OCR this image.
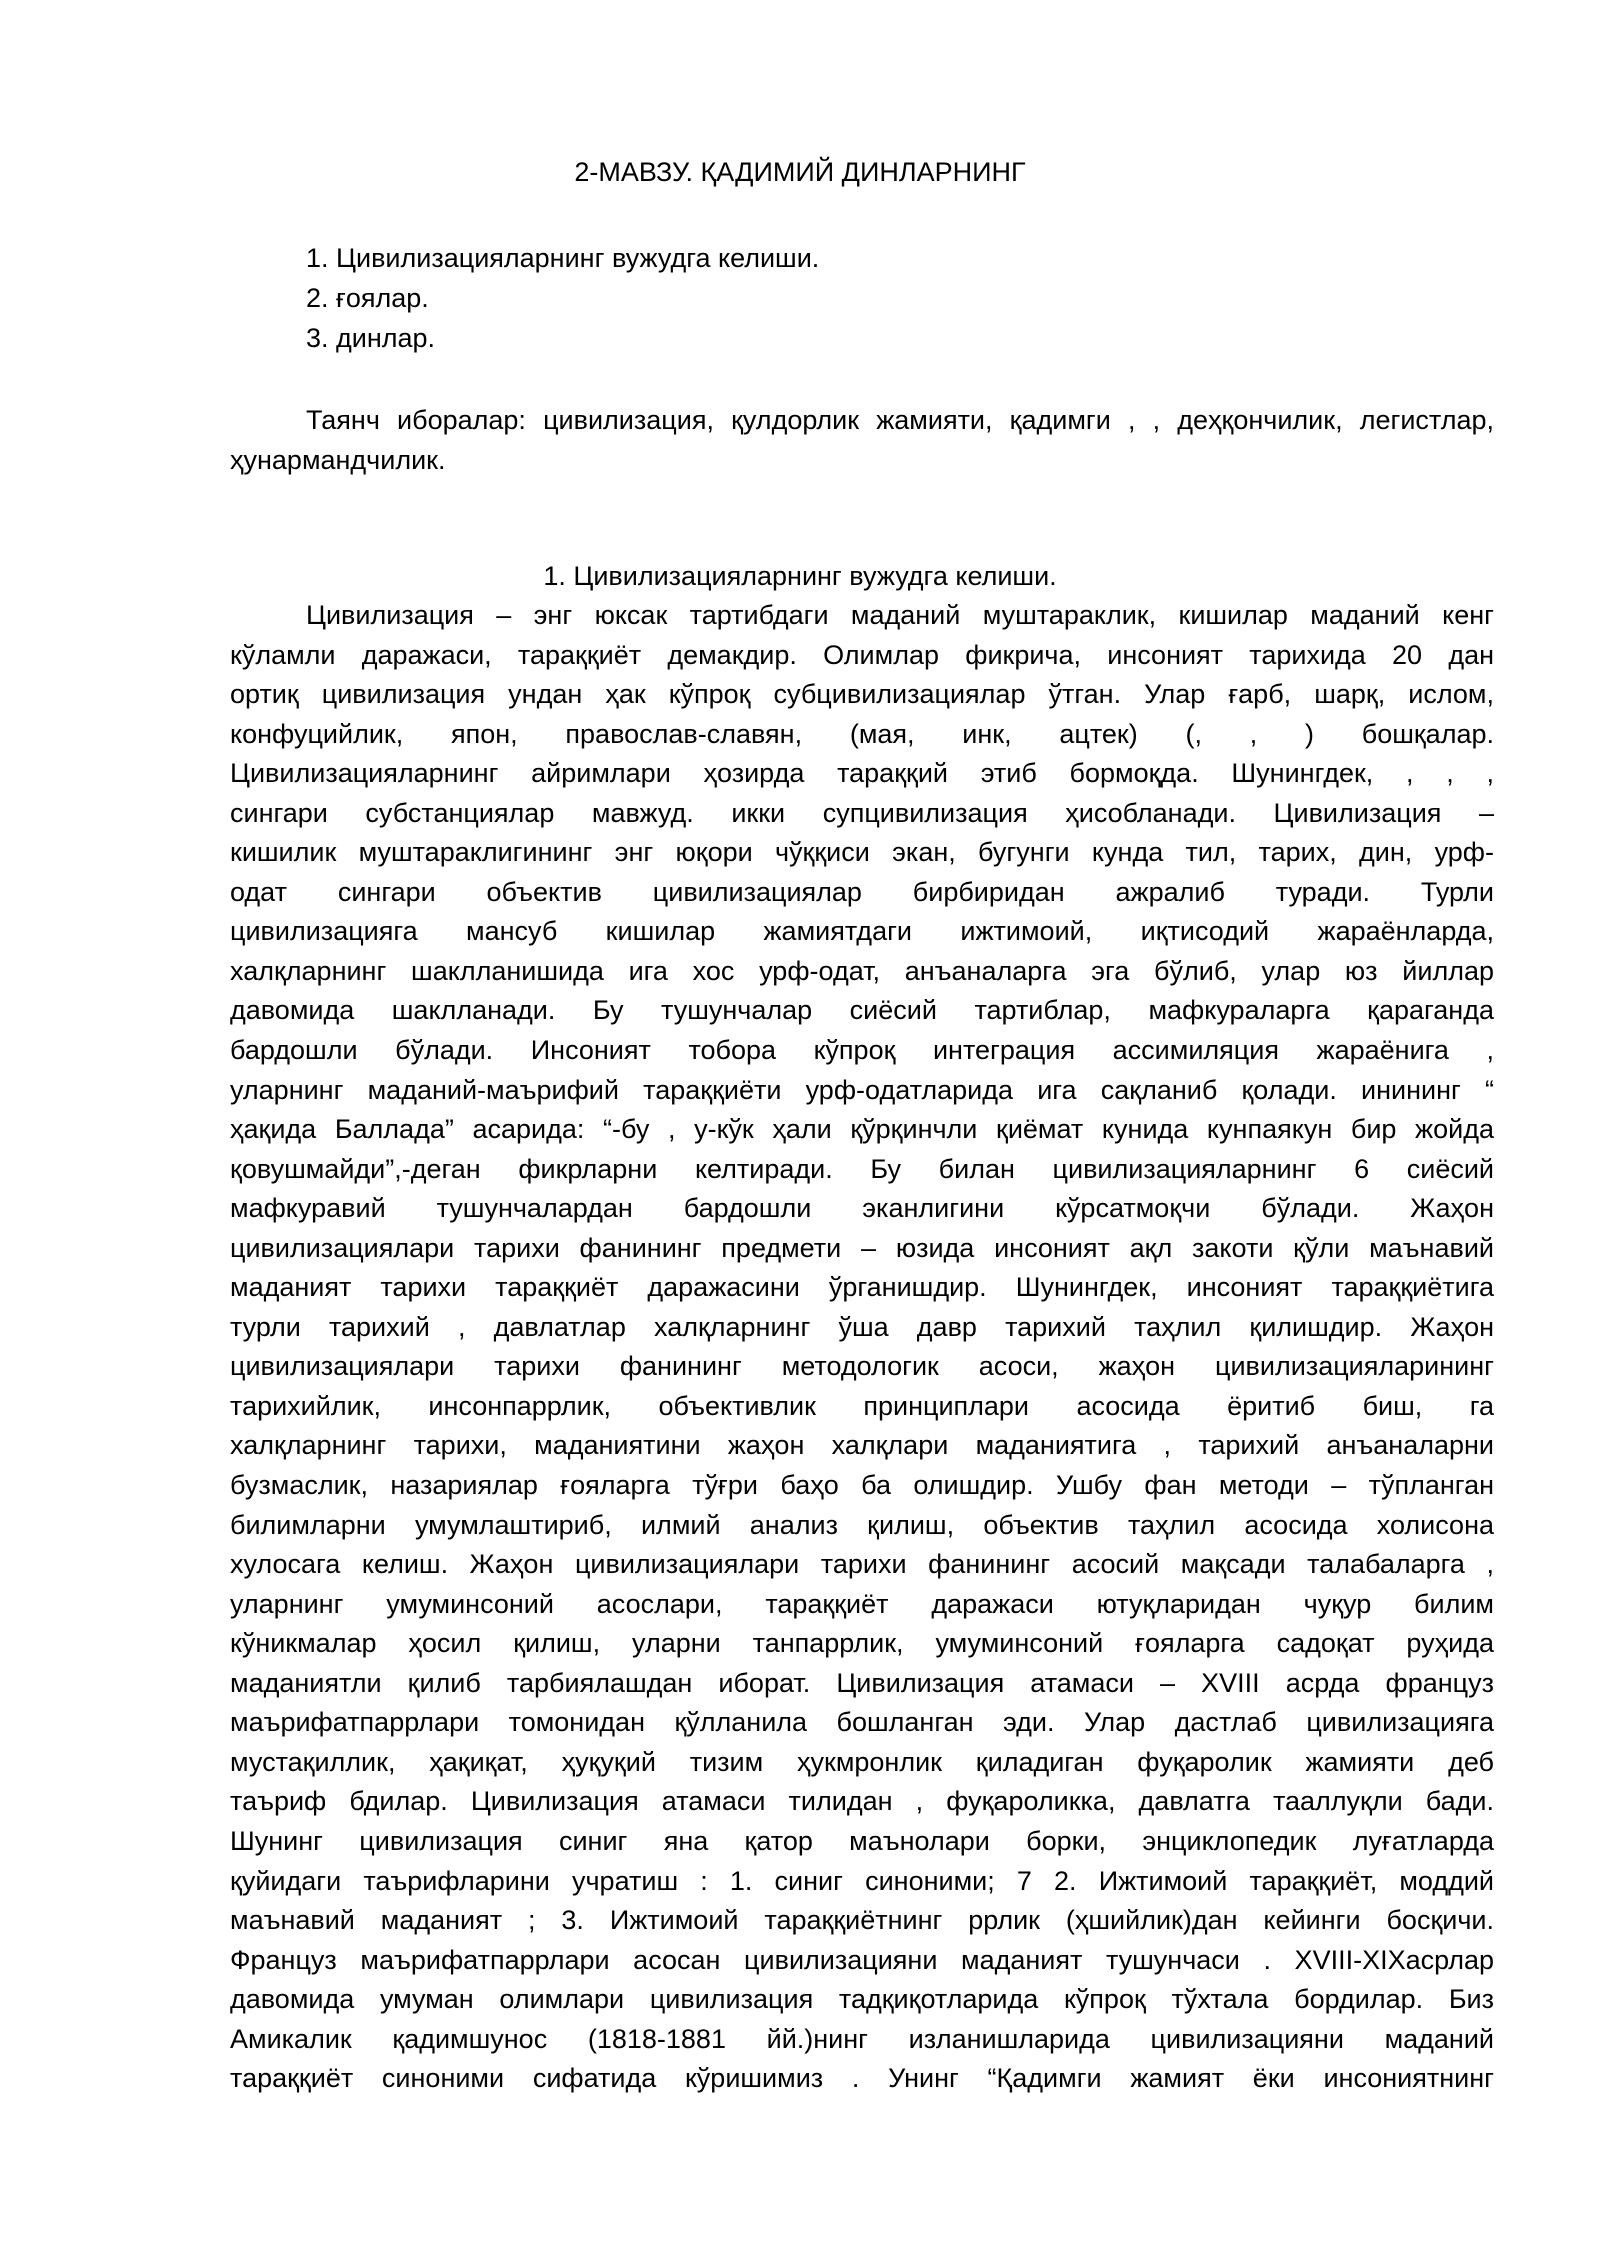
2-МАВЗУ. ҚАДИМИЙ ДИНЛАРНИНГ
1. Цивилизацияларнинг вужудга келиши.
2. ғоялар.
3. динлар.

Таянч иборалар: цивилизация, қулдорлик жамияти, қадимги , , деҳқончилик, легистлар, ҳунармандчилик.

1. Цивилизацияларнинг вужудга келиши.
Цивилизация – энг юксак тартибдаги маданий муштараклик, кишилар маданий кенг
кўламли даражаси, тараққиёт демакдир. Олимлар фикрича, инсоният тарихида 20 дан
ортиқ цивилизация ундан ҳак кўпроқ субцивилизациялар ўтган. Улар ғарб, шарқ, ислом,
конфуцийлик, япон, православ-славян, (мая, инк, ацтек) (, , ) бошқалар.
Цивилизацияларнинг айримлари ҳозирда тараққий этиб бормоқда. Шунингдек, , , ,
сингари субстанциялар мавжуд. икки супцивилизация ҳисобланади. Цивилизация –
кишилик муштараклигининг энг юқори чўққиси экан, бугунги кунда тил, тарих, дин, урф-
одат сингари объектив цивилизациялар бирбиридан ажралиб туради. Турли
цивилизацияга мансуб кишилар жамиятдаги ижтимоий, иқтисодий жараёнларда,
халқларнинг шаклланишида ига хос урф-одат, анъаналарга эга бўлиб, улар юз йиллар
давомида шаклланади. Бу тушунчалар сиёсий тартиблар, мафкураларга қараганда
бардошли бўлади. Инсоният тобора кўпроқ интеграция ассимиляция жараёнига ,
уларнинг маданий-маърифий тараққиёти урф-одатларида ига сақланиб қолади. инининг “
ҳақида Баллада” асарида: “-бу , у-кўк ҳали қўрқинчли қиёмат кунида кунпаякун бир жойда
қовушмайди”,-деган фикрларни келтиради. Бу билан цивилизацияларнинг 6 сиёсий
мафкуравий тушунчалардан бардошли эканлигини кўрсатмоқчи бўлади. Жаҳон
цивилизациялари тарихи фанининг предмети – юзида инсоният ақл закоти қўли маънавий
маданият тарихи тараққиёт даражасини ўрганишдир. Шунингдек, инсоният тараққиётига
турли тарихий , давлатлар халқларнинг ўша давр тарихий таҳлил қилишдир. Жаҳон
цивилизациялари тарихи фанининг методологик асоси, жаҳон цивилизацияларининг
тарихийлик, инсонпаррлик, объективлик принциплари асосида ёритиб биш, га
халқларнинг тарихи, маданиятини жаҳон халқлари маданиятига , тарихий анъаналарни
бузмаслик, назариялар ғояларга тўғри баҳо ба олишдир. Ушбу фан методи – тўпланган
билимларни умумлаштириб, илмий анализ қилиш, объектив таҳлил асосида холисона
хулосага келиш. Жаҳон цивилизациялари тарихи фанининг асосий мақсади талабаларга ,
уларнинг умуминсоний асослари, тараққиёт даражаси ютуқларидан чуқур билим
кўникмалар ҳосил қилиш, уларни танпаррлик, умуминсоний ғояларга садоқат руҳида
маданиятли қилиб тарбиялашдан иборат. Цивилизация атамаси – XVIII асрда француз
маърифатпаррлари томонидан қўлланила бошланган эди. Улар дастлаб цивилизацияга
мустақиллик, ҳақиқат, ҳуқуқий тизим ҳукмронлик қиладиган фуқаролик жамияти деб
таъриф бдилар. Цивилизация атамаси тилидан , фуқароликка, давлатга тааллуқли бади.
Шунинг цивилизация синиг яна қатор маънолари борки, энциклопедик луғатларда
қуйидаги таърифларини учратиш : 1. синиг синоними; 7 2. Ижтимоий тараққиёт, моддий
маънавий маданият ; 3. Ижтимоий тараққиётнинг ррлик (ҳшийлик)дан кейинги босқичи.
Француз маърифатпаррлари асосан цивилизацияни маданият тушунчаси . XVIII-XIXасрлар
давомида умуман олимлари цивилизация тадқиқотларида кўпроқ тўхтала бордилар. Биз
Амикалик қадимшунос (1818-1881 йй.)нинг изланишларида цивилизацияни маданий
тараққиёт синоними сифатида кўришимиз . Унинг “Қадимги жамият ёки инсониятнинг
